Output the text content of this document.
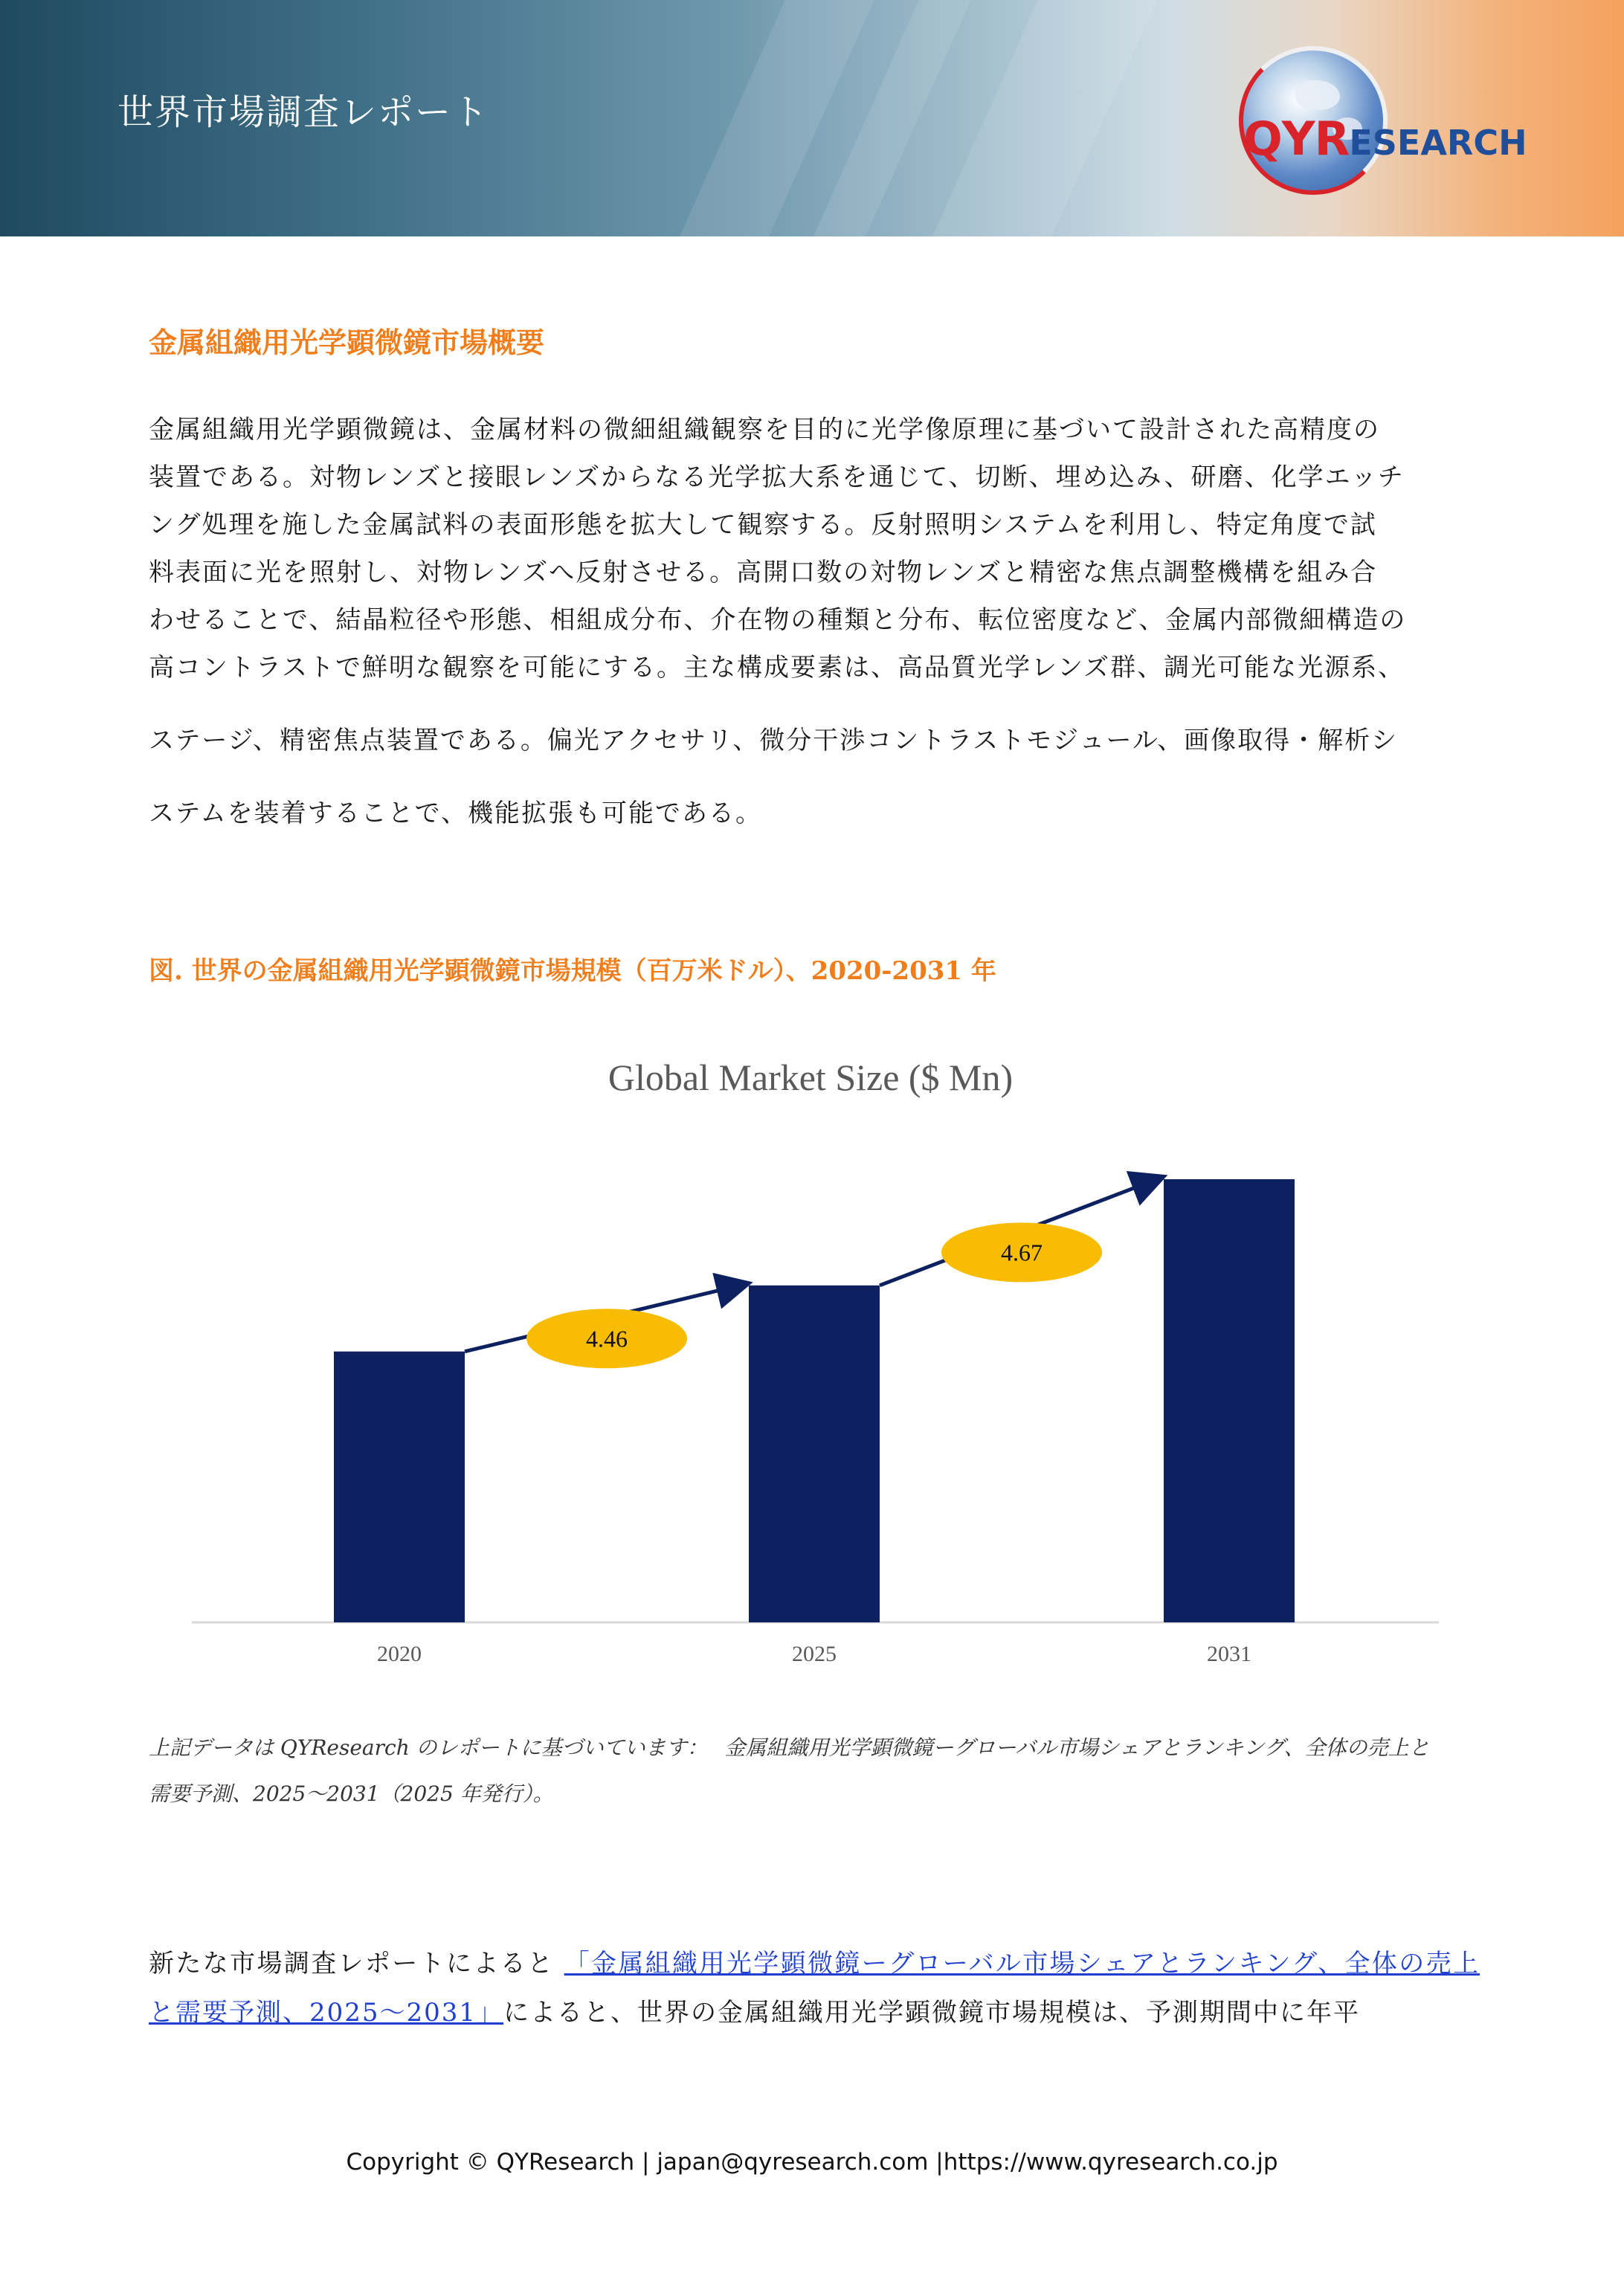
世界市場調査レポート	QYRESEARCH
金属組織用光学顕微鏡市場概要
金属組織用光学顕微鏡は、金属材料の微細組織観察を目的に光学像原理に基づいて設計された高精度の
装置である。対物レンズと接眼レンズからなる光学拡大系を通じて、切断、埋め込み、研磨、化学エッチ
ング処理を施した金属試料の表面形態を拡大して観察する。反射照明システムを利用し、特定角度で試
料表面に光を照射し、対物レンズへ反射させる。高開口数の対物レンズと精密な焦点調整機構を組み合
わせることで、結晶粒径や形態、相組成分布、介在物の種類と分布、転位密度など、金属内部微細構造の
高コントラストで鮮明な観察を可能にする。主な構成要素は、高品質光学レンズ群、調光可能な光源系、
ステージ、精密焦点装置である。偏光アクセサリ、微分干渉コントラストモジュール、画像取得・解析シ
ステムを装着することで、機能拡張も可能である。
図. 世界の金属組織用光学顕微鏡市場規模（百万米ドル）、2020-2031 年
Global Market Size ($ Mn)
2020	2025	2031
4.46
4.67
上記データは QYResearch のレポートに基づいています：　 金属組織用光学顕微鏡ーグローバル市場シェアとランキング、全体の売上と
需要予測、2025～2031（2025 年発行）。
新たな市場調査レポートによると 「金属組織用光学顕微鏡ーグローバル市場シェアとランキング、全体の売上と需要予測、2025～2031」によると、世界の金属組織用光学顕微鏡市場規模は、予測期間中に年平
Copyright © QYResearch | japan@qyresearch.com |https://www.qyresearch.co.jp
